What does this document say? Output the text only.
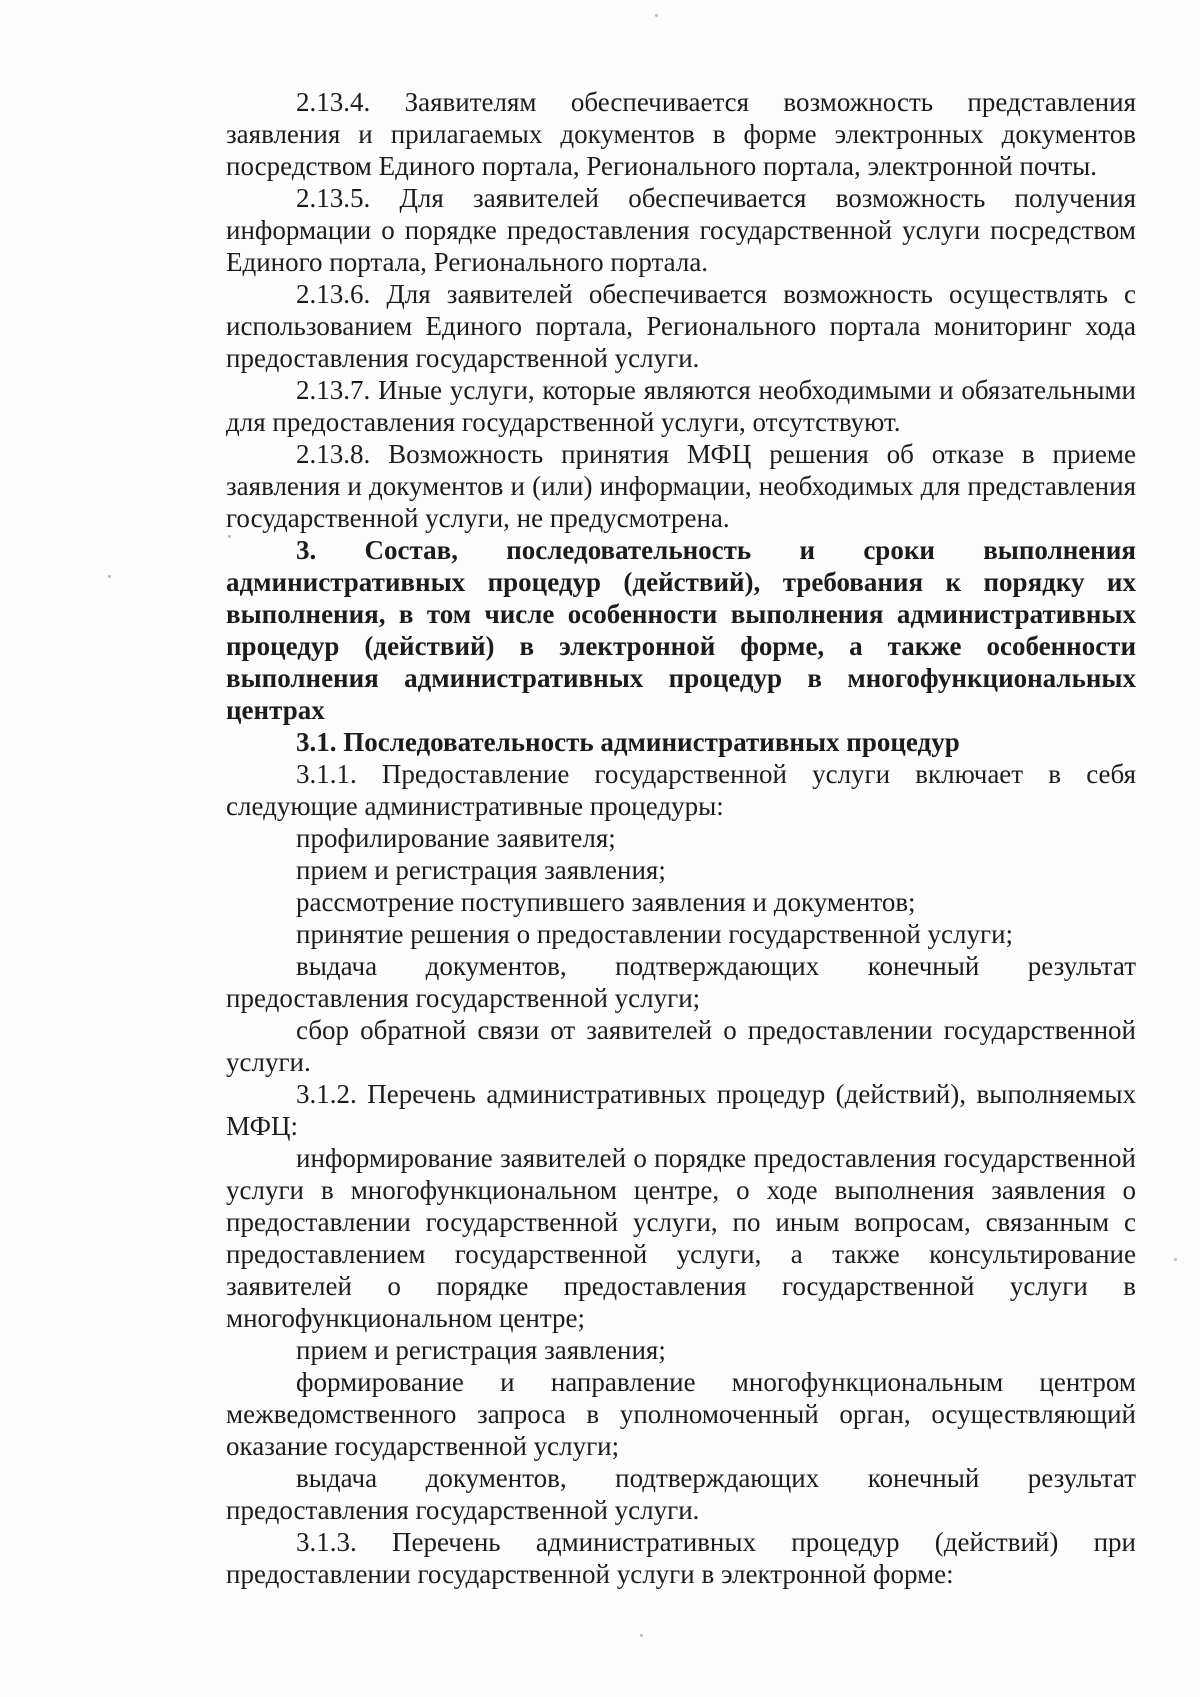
2.13.4. Заявителям обеспечивается возможность представления заявления и прилагаемых документов в форме электронных документов посредством Единого портала, Регионального портала, электронной почты.

2.13.5. Для заявителей обеспечивается возможность получения информации о порядке предоставления государственной услуги посредством Единого портала, Регионального портала.

2.13.6. Для заявителей обеспечивается возможность осуществлять с использованием Единого портала, Регионального портала мониторинг хода предоставления государственной услуги.

2.13.7. Иные услуги, которые являются необходимыми и обязательными для предоставления государственной услуги, отсутствуют.

2.13.8. Возможность принятия МФЦ решения об отказе в приеме заявления и документов и (или) информации, необходимых для представления государственной услуги, не предусмотрена.

3. Состав, последовательность и сроки выполнения административных процедур (действий), требования к порядку их выполнения, в том числе особенности выполнения административных процедур (действий) в электронной форме, а также особенности выполнения административных процедур в многофункциональных центрах

3.1. Последовательность административных процедур

3.1.1. Предоставление государственной услуги включает в себя следующие административные процедуры:

профилирование заявителя;

прием и регистрация заявления;

рассмотрение поступившего заявления и документов;

принятие решения о предоставлении государственной услуги;

выдача документов, подтверждающих конечный результат предоставления государственной услуги;

сбор обратной связи от заявителей о предоставлении государственной услуги.

3.1.2. Перечень административных процедур (действий), выполняемых МФЦ:

информирование заявителей о порядке предоставления государственной услуги в многофункциональном центре, о ходе выполнения заявления о предоставлении государственной услуги, по иным вопросам, связанным с предоставлением государственной услуги, а также консультирование заявителей о порядке предоставления государственной услуги в многофункциональном центре;

прием и регистрация заявления;

формирование и направление многофункциональным центром межведомственного запроса в уполномоченный орган, осуществляющий оказание государственной услуги;

выдача документов, подтверждающих конечный результат предоставления государственной услуги.

3.1.3. Перечень административных процедур (действий) при предоставлении государственной услуги в электронной форме:
